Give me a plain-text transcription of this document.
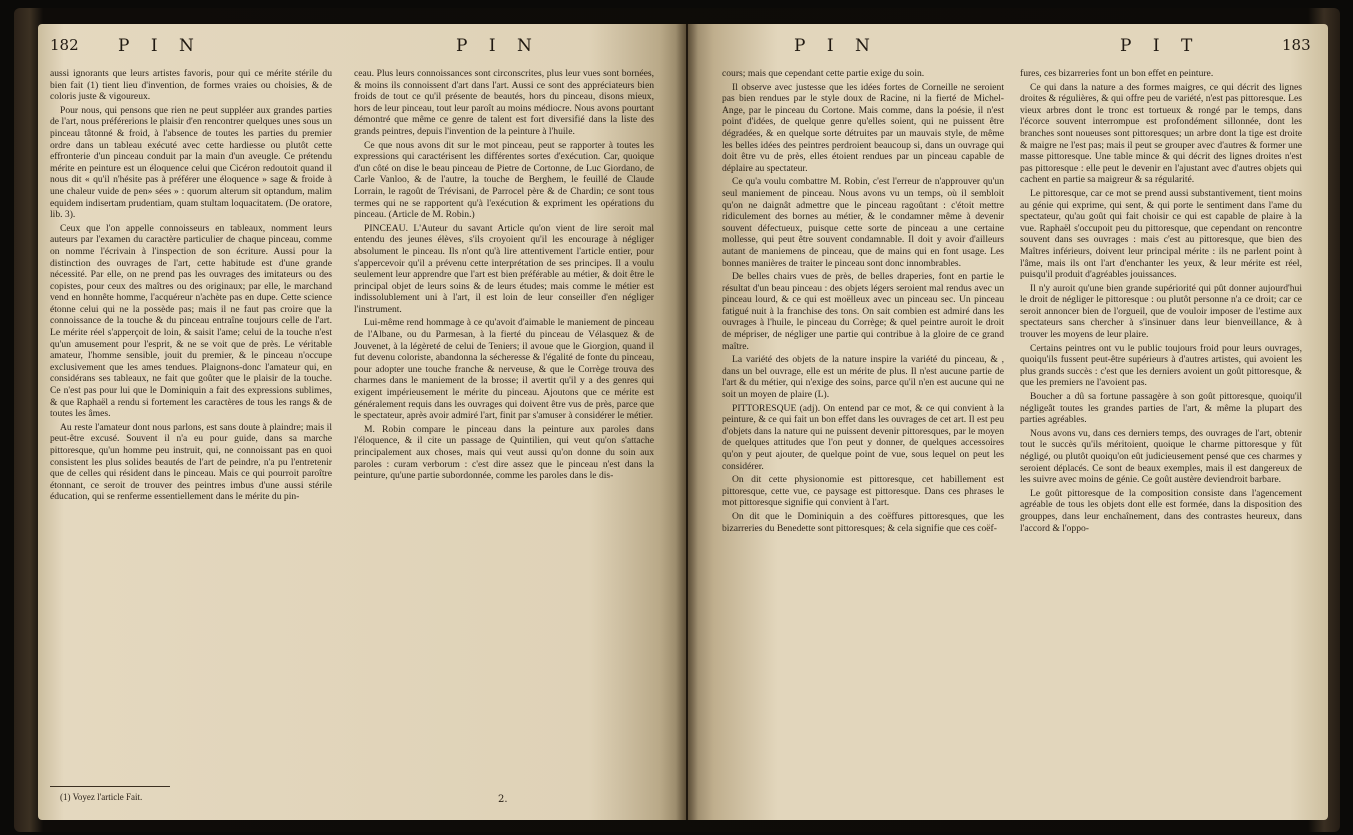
182 P I N	P I N

aussi ignorants que leurs artistes favoris, pour qui ce mérite stérile du bien fait (1) tient lieu d'invention, de formes vraies ou choisies, & de coloris juste & vigoureux.

Pour nous, qui pensons que rien ne peut suppléer aux grandes parties de l'art, nous préférerions le plaisir d'en rencontrer quelques unes sous un pinceau tâtonné & froid, à l'absence de toutes les parties du premier ordre dans un tableau exécuté avec cette hardiesse ou plutôt cette effronterie d'un pinceau conduit par la main d'un aveugle. Ce prétendu mérite en peinture est un éloquence celui que Cicéron redoutoit quand il nous dit « qu'il n'hésite pas à préférer une éloquence » sage & froide à une chaleur vuide de pen» sées » : quorum alterum sit optandum, malim equidem indisertam prudentiam, quam stultam loquacitatem. (De oratore, lib. 3).

Ceux que l'on appelle connoisseurs en tableaux, nomment leurs auteurs par l'examen du caractère particulier de chaque pinceau, comme on nomme l'écrivain à l'inspection de son écriture. Aussi pour la distinction des ouvrages de l'art, cette habitude est d'une grande nécessité. Par elle, on ne prend pas les ouvrages des imitateurs ou des copistes, pour ceux des maîtres ou des originaux; par elle, le marchand vend en honnête homme, l'acquéreur n'achète pas en dupe. Cette science étonne celui qui ne la possède pas; mais il ne faut pas croire que la connoissance de la touche & du pinceau entraîne toujours celle de l'art. Le mérite réel s'apperçoit de loin, & saisit l'ame; celui de la touche n'est qu'un amusement pour l'esprit, & ne se voit que de près. Le véritable amateur, l'homme sensible, jouit du premier, & le pinceau n'occupe exclusivement que les ames tendues. Plaignons-donc l'amateur qui, en considérans ses tableaux, ne fait que goûter que le plaisir de la touche. Ce n'est pas pour lui que le Dominiquin a fait des expressions sublimes, & que Raphaël a rendu si fortement les caractères de tous les rangs & de toutes les âmes.

Au reste l'amateur dont nous parlons, est sans doute à plaindre; mais il peut-être excusé. Souvent il n'a eu pour guide, dans sa marche pittoresque, qu'un homme peu instruit, qui, ne connoissant pas en quoi consistent les plus solides beautés de l'art de peindre, n'a pu l'entretenir que de celles qui résident dans le pinceau. Mais ce qui pourroit paroître étonnant, ce seroit de trouver des peintres imbus d'une aussi stérile éducation, qui se renferme essentiellement dans le mérite du pin-

ceau. Plus leurs connoissances sont circonscrites, plus leur vues sont bornées, & moins ils connoissent d'art dans l'art. Aussi ce sont des appréciateurs bien froids de tout ce qu'il présente de beautés, hors du pinceau, disons mieux, hors de leur pinceau, tout leur paroît au moins médiocre. Nous avons pourtant démontré que même ce genre de talent est fort diversifié dans la liste des grands peintres, depuis l'invention de la peinture à l'huile.

Ce que nous avons dit sur le mot pinceau, peut se rapporter à toutes les expressions qui caractérisent les différentes sortes d'exécution. Car, quoique d'un côté on dise le beau pinceau de Pietre de Cortonne, de Luc Giordano, de Carle Vanloo, & de l'autre, la touche de Berghem, le feuillé de Claude Lorrain, le ragoût de Trévisani, de Parrocel père & de Chardin; ce sont tous termes qui ne se rapportent qu'à l'exécution & expriment les opérations du pinceau. (Article de M. Robin.)

PINCEAU. L'Auteur du savant Article qu'on vient de lire seroit mal entendu des jeunes élèves, s'ils croyoient qu'il les encourage à négliger absolument le pinceau. Ils n'ont qu'à lire attentivement l'article entier, pour s'appercevoir qu'il a prévenu cette interprétation de ses principes. Il a voulu seulement leur apprendre que l'art est bien préférable au métier, & doit être le principal objet de leurs soins & de leurs études; mais comme le métier est indissolublement uni à l'art, il est loin de leur conseiller d'en négliger l'instrument.

Lui-même rend hommage à ce qu'avoit d'aimable le maniement de pinceau de l'Albane, ou du Parmesan, à la fierté du pinceau de Vélasquez & de Jouvenet, à la légèreté de celui de Teniers; il avoue que le Giorgion, quand il fut devenu coloriste, abandonna la sécheresse & l'égalité de fonte du pinceau, pour adopter une touche franche & nerveuse, & que le Corrège trouva des charmes dans le maniement de la brosse; il avertit qu'il y a des genres qui exigent impérieusement le mérite du pinceau. Ajoutons que ce mérite est généralement requis dans les ouvrages qui doivent être vus de près, parce que le spectateur, après avoir admiré l'art, finit par s'amuser à considérer le métier.

M. Robin compare le pinceau dans la peinture aux paroles dans l'éloquence, & il cite un passage de Quintilien, qui veut qu'on s'attache principalement aux choses, mais qui veut aussi qu'on donne du soin aux paroles : curam verborum : c'est dire assez que le pinceau n'est dans la peinture, qu'une partie subordonnée, comme les paroles dans le dis-

(1) Voyez l'article Fait.	2.
P I N	P I T	183

cours; mais que cependant cette partie exige du soin.

Il observe avec justesse que les idées fortes de Corneille ne seroient pas bien rendues par le style doux de Racine, ni la fierté de Michel-Ange, par le pinceau du Cortone. Mais comme, dans la poésie, il n'est point d'idées, de quelque genre qu'elles soient, qui ne puissent être dégradées, & en quelque sorte détruites par un mauvais style, de même les belles idées des peintres perdroient beaucoup si, dans un ouvrage qui doit être vu de près, elles étoient rendues par un pinceau capable de déplaire au spectateur.

Ce qu'a voulu combattre M. Robin, c'est l'erreur de n'approuver qu'un seul maniement de pinceau. Nous avons vu un temps, où il sembloit qu'on ne daignât admettre que le pinceau ragoûtant : c'étoit mettre ridiculement des bornes au métier, & le condamner même à devenir souvent défectueux, puisque cette sorte de pinceau a une certaine mollesse, qui peut être souvent condamnable. Il doit y avoir d'ailleurs autant de maniemens de pinceau, que de mains qui en font usage. Les bonnes manières de traiter le pinceau sont donc innombrables.

De belles chairs vues de près, de belles draperies, font en partie le résultat d'un beau pinceau : des objets légers seroient mal rendus avec un pinceau lourd, & ce qui est moëlleux avec un pinceau sec. Un pinceau fatigué nuit à la franchise des tons. On sait combien est admiré dans les ouvrages à l'huile, le pinceau du Corrège; & quel peintre auroit le droit de mépriser, de négliger une partie qui contribue à la gloire de ce grand maître.

La variété des objets de la nature inspire la variété du pinceau, & , dans un bel ouvrage, elle est un mérite de plus. Il n'est aucune partie de l'art & du métier, qui n'exige des soins, parce qu'il n'en est aucune qui ne soit un moyen de plaire (L).

PITTORESQUE (adj). On entend par ce mot, & ce qui convient à la peinture, & ce qui fait un bon effet dans les ouvrages de cet art. Il est peu d'objets dans la nature qui ne puissent devenir pittoresques, par le moyen de quelques attitudes que l'on peut y donner, de quelques accessoires qu'on y peut ajouter, de quelque point de vue, sous lequel on peut les considérer.

On dit cette physionomie est pittoresque, cet habillement est pittoresque, cette vue, ce paysage est pittoresque. Dans ces phrases le mot pittoresque signifie qui convient à l'art.

On dit que le Dominiquin a des coëffures pittoresques, que les bizarreries du Benedette sont pittoresques; & cela signifie que ces coëf-

fures, ces bizarreries font un bon effet en peinture.

Ce qui dans la nature a des formes maigres, ce qui décrit des lignes droites & régulières, & qui offre peu de variété, n'est pas pittoresque. Les vieux arbres dont le tronc est tortueux & rongé par le temps, dans l'écorce souvent interrompue est profondément sillonnée, dont les branches sont noueuses sont pittoresques; un arbre dont la tige est droite & maigre ne l'est pas; mais il peut se grouper avec d'autres & former une masse pittoresque. Une table mince & qui décrit des lignes droites n'est pas pittoresque : elle peut le devenir en l'ajustant avec d'autres objets qui cachent en partie sa maigreur & sa régularité.

Le pittoresque, car ce mot se prend aussi substantivement, tient moins au génie qui exprime, qui sent, & qui porte le sentiment dans l'ame du spectateur, qu'au goût qui fait choisir ce qui est capable de plaire à la vue. Raphaël s'occupoit peu du pittoresque, que cependant on rencontre souvent dans ses ouvrages : mais c'est au pittoresque, que bien des Maîtres inférieurs, doivent leur principal mérite : ils ne parlent point à l'âme, mais ils ont l'art d'enchanter les yeux, & leur mérite est réel, puisqu'il produit d'agréables jouissances.

Il n'y auroit qu'une bien grande supériorité qui pût donner aujourd'hui le droit de négliger le pittoresque : ou plutôt personne n'a ce droit; car ce seroit annoncer bien de l'orgueil, que de vouloir imposer de l'estime aux spectateurs sans chercher à s'insinuer dans leur bienveillance, & à trouver les moyens de leur plaire.

Certains peintres ont vu le public toujours froid pour leurs ouvrages, quoiqu'ils fussent peut-être supérieurs à d'autres artistes, qui avoient les plus grands succès : c'est que les derniers avoient un goût pittoresque, & que les premiers ne l'avoient pas.

Boucher a dû sa fortune passagère à son goût pittoresque, quoiqu'il négligeât toutes les grandes parties de l'art, & même la plupart des parties agréables.

Nous avons vu, dans ces derniers temps, des ouvrages de l'art, obtenir tout le succès qu'ils méritoient, quoique le charme pittoresque y fût négligé, ou plutôt quoiqu'on eût judicieusement pensé que ces charmes y seroient déplacés. Ce sont de beaux exemples, mais il est dangereux de les suivre avec moins de génie. Ce goût austère deviendroit barbare.

Le goût pittoresque de la composition consiste dans l'agencement agréable de tous les objets dont elle est formée, dans la disposition des grouppes, dans leur enchaînement, dans des contrastes heureux, dans l'accord & l'oppo-
